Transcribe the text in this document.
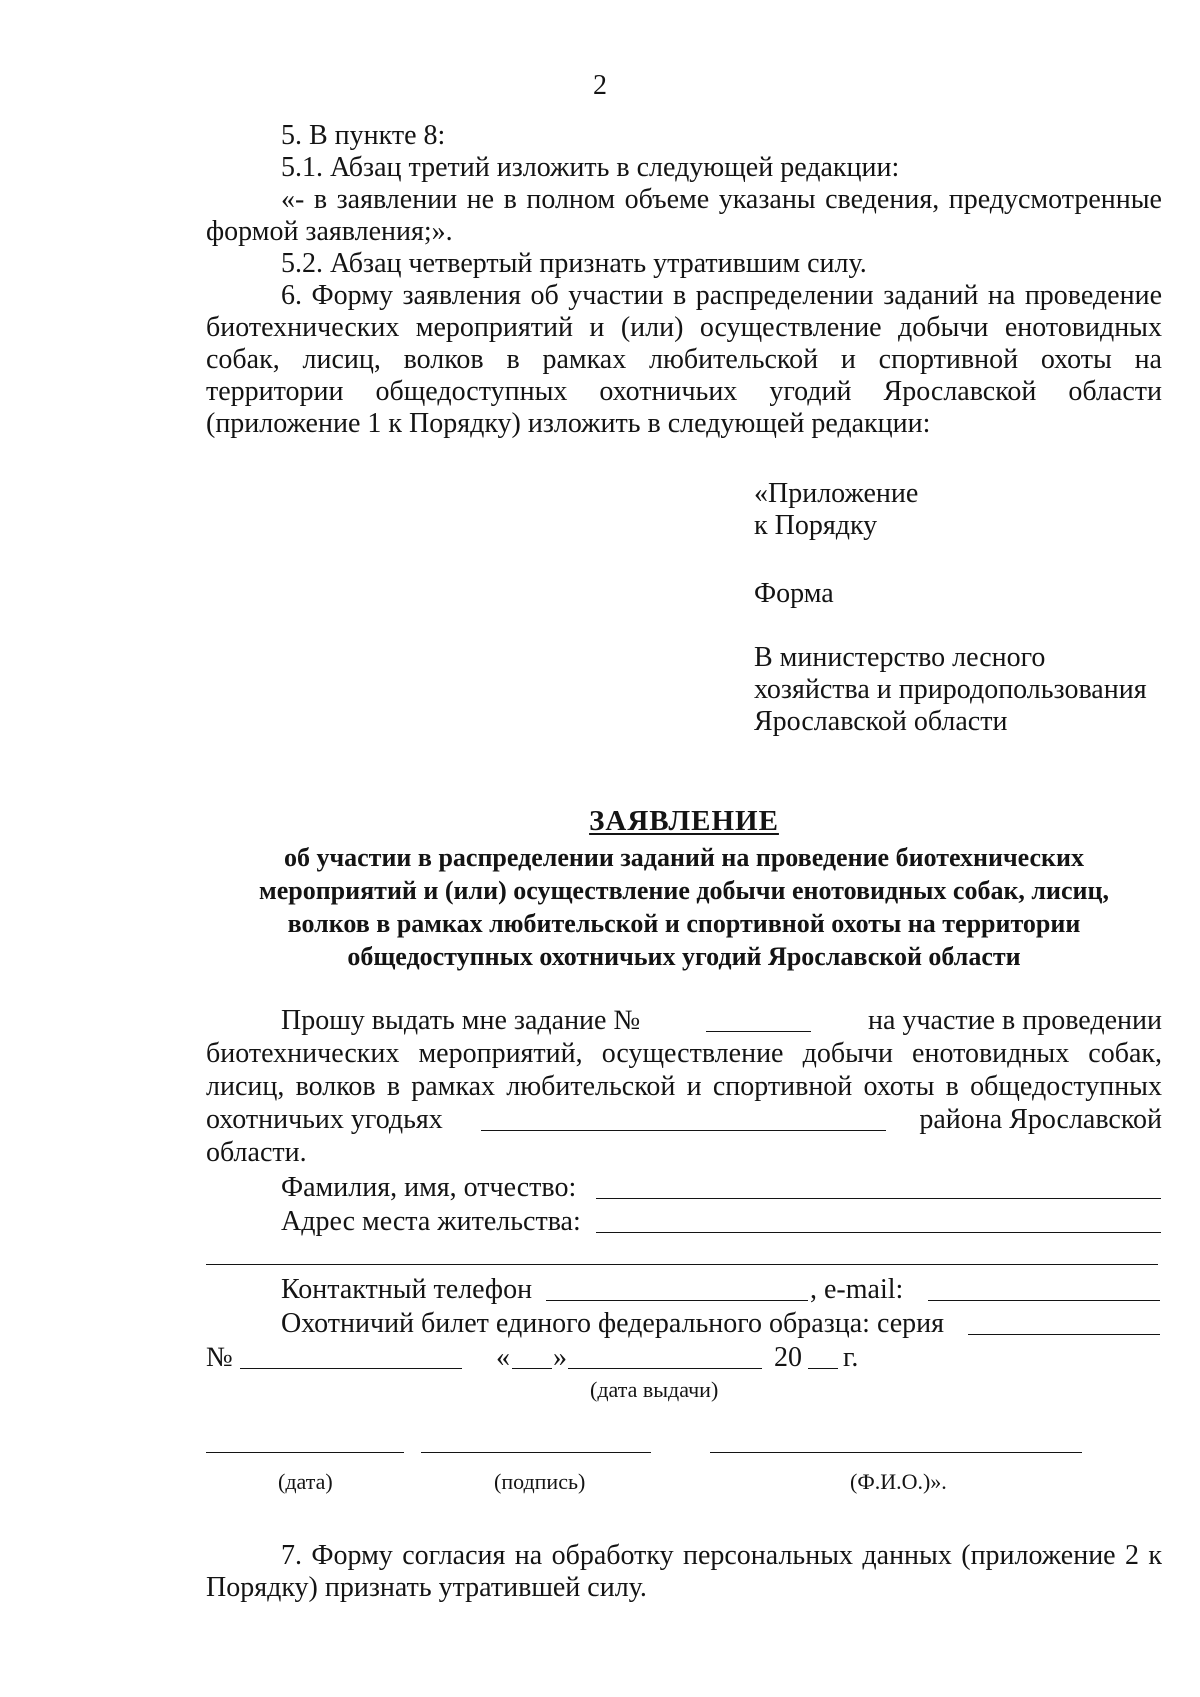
2

5. В пункте 8:

5.1. Абзац третий изложить в следующей редакции:

«- в заявлении не в полном объеме указаны сведения, предусмотренные формой заявления;».

5.2. Абзац четвертый признать утратившим силу.

6. Форму заявления об участии в распределении заданий на проведение биотехнических мероприятий и (или) осуществление добычи енотовидных собак, лисиц, волков в рамках любительской и спортивной охоты на территории общедоступных охотничьих угодий Ярославской области (приложение 1 к Порядку) изложить в следующей редакции:

«Приложение

к Порядку

Форма

В министерство лесного

хозяйства и природопользования

Ярославской области

ЗАЯВЛЕНИЕ
об участии в распределении заданий на проведение биотехнических
мероприятий и (или) осуществление добычи енотовидных собак, лисиц,
волков в рамках любительской и спортивной охоты на территории
общедоступных охотничьих угодий Ярославской области
Прошу выдать мне задание №	на участие в проведении

биотехнических мероприятий, осуществление добычи енотовидных собак,

лисиц, волков в рамках любительской и спортивной охоты в общедоступных

охотничьих угодьях	района Ярославской
области.
Фамилия, имя, отчество:
Адрес места жительства:
Контактный телефон	, e-mail:
Охотничий билет единого федерального образца: серия
№	« »	20 г.
(дата выдачи)
(дата)	(подпись)	(Ф.И.О.)».

7. Форму согласия на обработку персональных данных (приложение 2 к Порядку) признать утратившей силу.
